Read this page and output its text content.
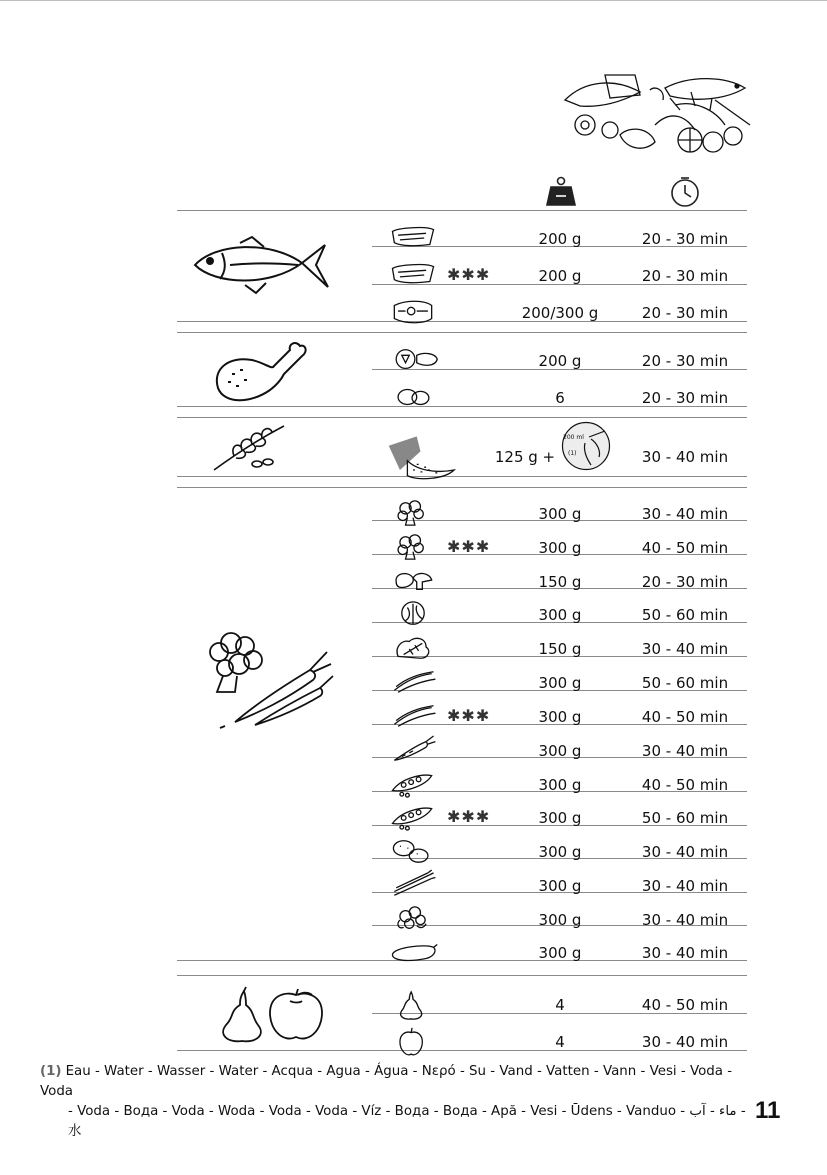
200 ml
(1)
200 g	20 - 30 min
✱✱✱	200 g	20 - 30 min
200/300 g	20 - 30 min
200 g	20 - 30 min
6	20 - 30 min
125 g +	30 - 40 min
300 g	30 - 40 min
✱✱✱	300 g	40 - 50 min
150 g	20 - 30 min
300 g	50 - 60 min
150 g	30 - 40 min
300 g	50 - 60 min
✱✱✱	300 g	40 - 50 min
300 g	30 - 40 min
300 g	40 - 50 min
✱✱✱	300 g	50 - 60 min
300 g	30 - 40 min
300 g	30 - 40 min
300 g	30 - 40 min
300 g	30 - 40 min
4	40 - 50 min
4	30 - 40 min
(1) Eau - Water - Wasser - Water - Acqua - Agua - Água - Νερό - Su - Vand - Vatten - Vann - Vesi - Voda - Voda
- Voda - Вода - Voda - Woda - Voda - Voda - Víz - Вода - Вода - Apă - Vesi - Ūdens - Vanduo - ماء - آب - 水
11
